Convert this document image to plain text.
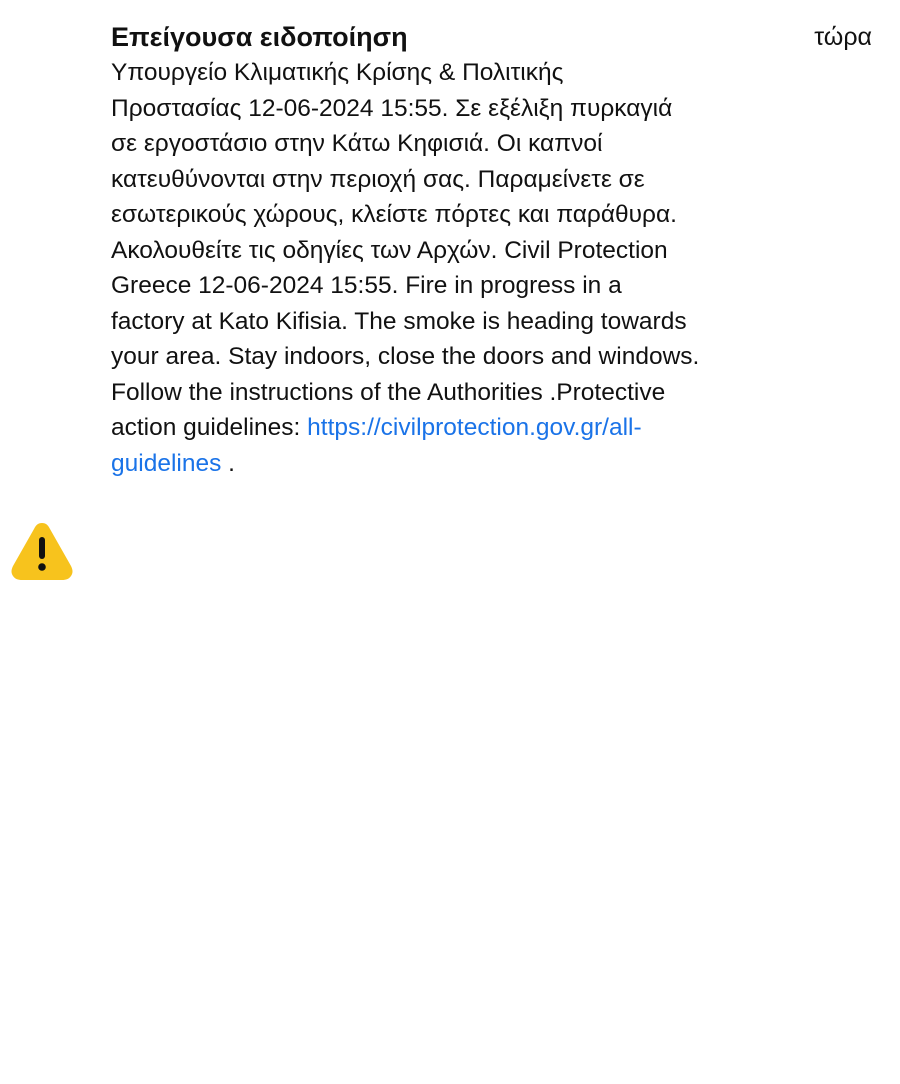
Επείγουσα ειδοποίηση	τώρα
Υπουργείο Κλιματικής Κρίσης & Πολιτικής
Προστασίας 12-06-2024 15:55. Σε εξέλιξη πυρκαγιά
σε εργοστάσιο στην Κάτω Κηφισιά. Οι καπνοί
κατευθύνονται στην περιοχή σας. Παραμείνετε σε
εσωτερικούς χώρους, κλείστε πόρτες και παράθυρα.
Ακολουθείτε τις οδηγίες των Αρχών. Civil Protection
Greece 12-06-2024 15:55. Fire in progress in a
factory at Kato Kifisia. The smoke is heading towards
your area. Stay indoors, close the doors and windows.
Follow the instructions of the Authorities .Protective
action guidelines: https://civilprotection.gov.gr/all-
guidelines .
